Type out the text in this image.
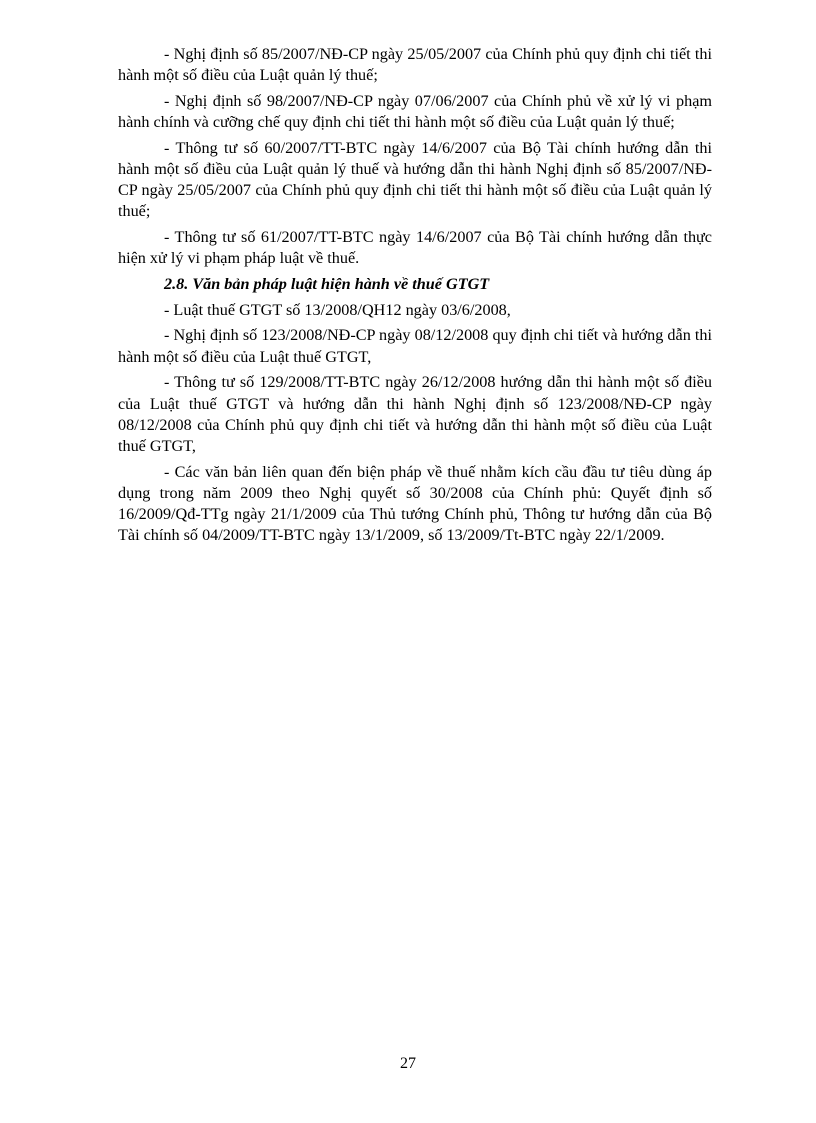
- Nghị định số 85/2007/NĐ-CP ngày 25/05/2007 của Chính phủ quy định chi tiết thi hành một số điều của Luật quản lý thuế;

- Nghị định số 98/2007/NĐ-CP ngày 07/06/2007 của Chính phủ về xử lý vi phạm hành chính và cưỡng chế quy định chi tiết thi hành một số điều của Luật quản lý thuế;

- Thông tư số 60/2007/TT-BTC ngày 14/6/2007 của Bộ Tài chính hướng dẫn thi hành một số điều của Luật quản lý thuế và hướng dẫn thi hành Nghị định số 85/2007/NĐ-CP ngày 25/05/2007 của Chính phủ quy định chi tiết thi hành một số điều của Luật quản lý thuế;

- Thông tư số 61/2007/TT-BTC ngày 14/6/2007 của Bộ Tài chính hướng dẫn thực hiện xử lý vi phạm pháp luật về thuế.

2.8. Văn bản pháp luật hiện hành về thuế GTGT

- Luật thuế GTGT số 13/2008/QH12 ngày 03/6/2008,

- Nghị định số 123/2008/NĐ-CP ngày 08/12/2008 quy định chi tiết và hướng dẫn thi hành một số điều của Luật thuế GTGT,

- Thông tư số 129/2008/TT-BTC ngày 26/12/2008 hướng dẫn thi hành một số điều của Luật thuế GTGT và hướng dẫn thi hành Nghị định số 123/2008/NĐ-CP ngày 08/12/2008 của Chính phủ quy định chi tiết và hướng dẫn thi hành một số điều của Luật thuế GTGT,

- Các văn bản liên quan đến biện pháp về thuế nhằm kích cầu đầu tư tiêu dùng áp dụng trong năm 2009 theo Nghị quyết số 30/2008 của Chính phủ: Quyết định số 16/2009/Qđ-TTg ngày 21/1/2009 của Thủ tướng Chính phủ, Thông tư hướng dẫn của Bộ Tài chính số 04/2009/TT-BTC ngày 13/1/2009, số 13/2009/Tt-BTC ngày 22/1/2009.

27
